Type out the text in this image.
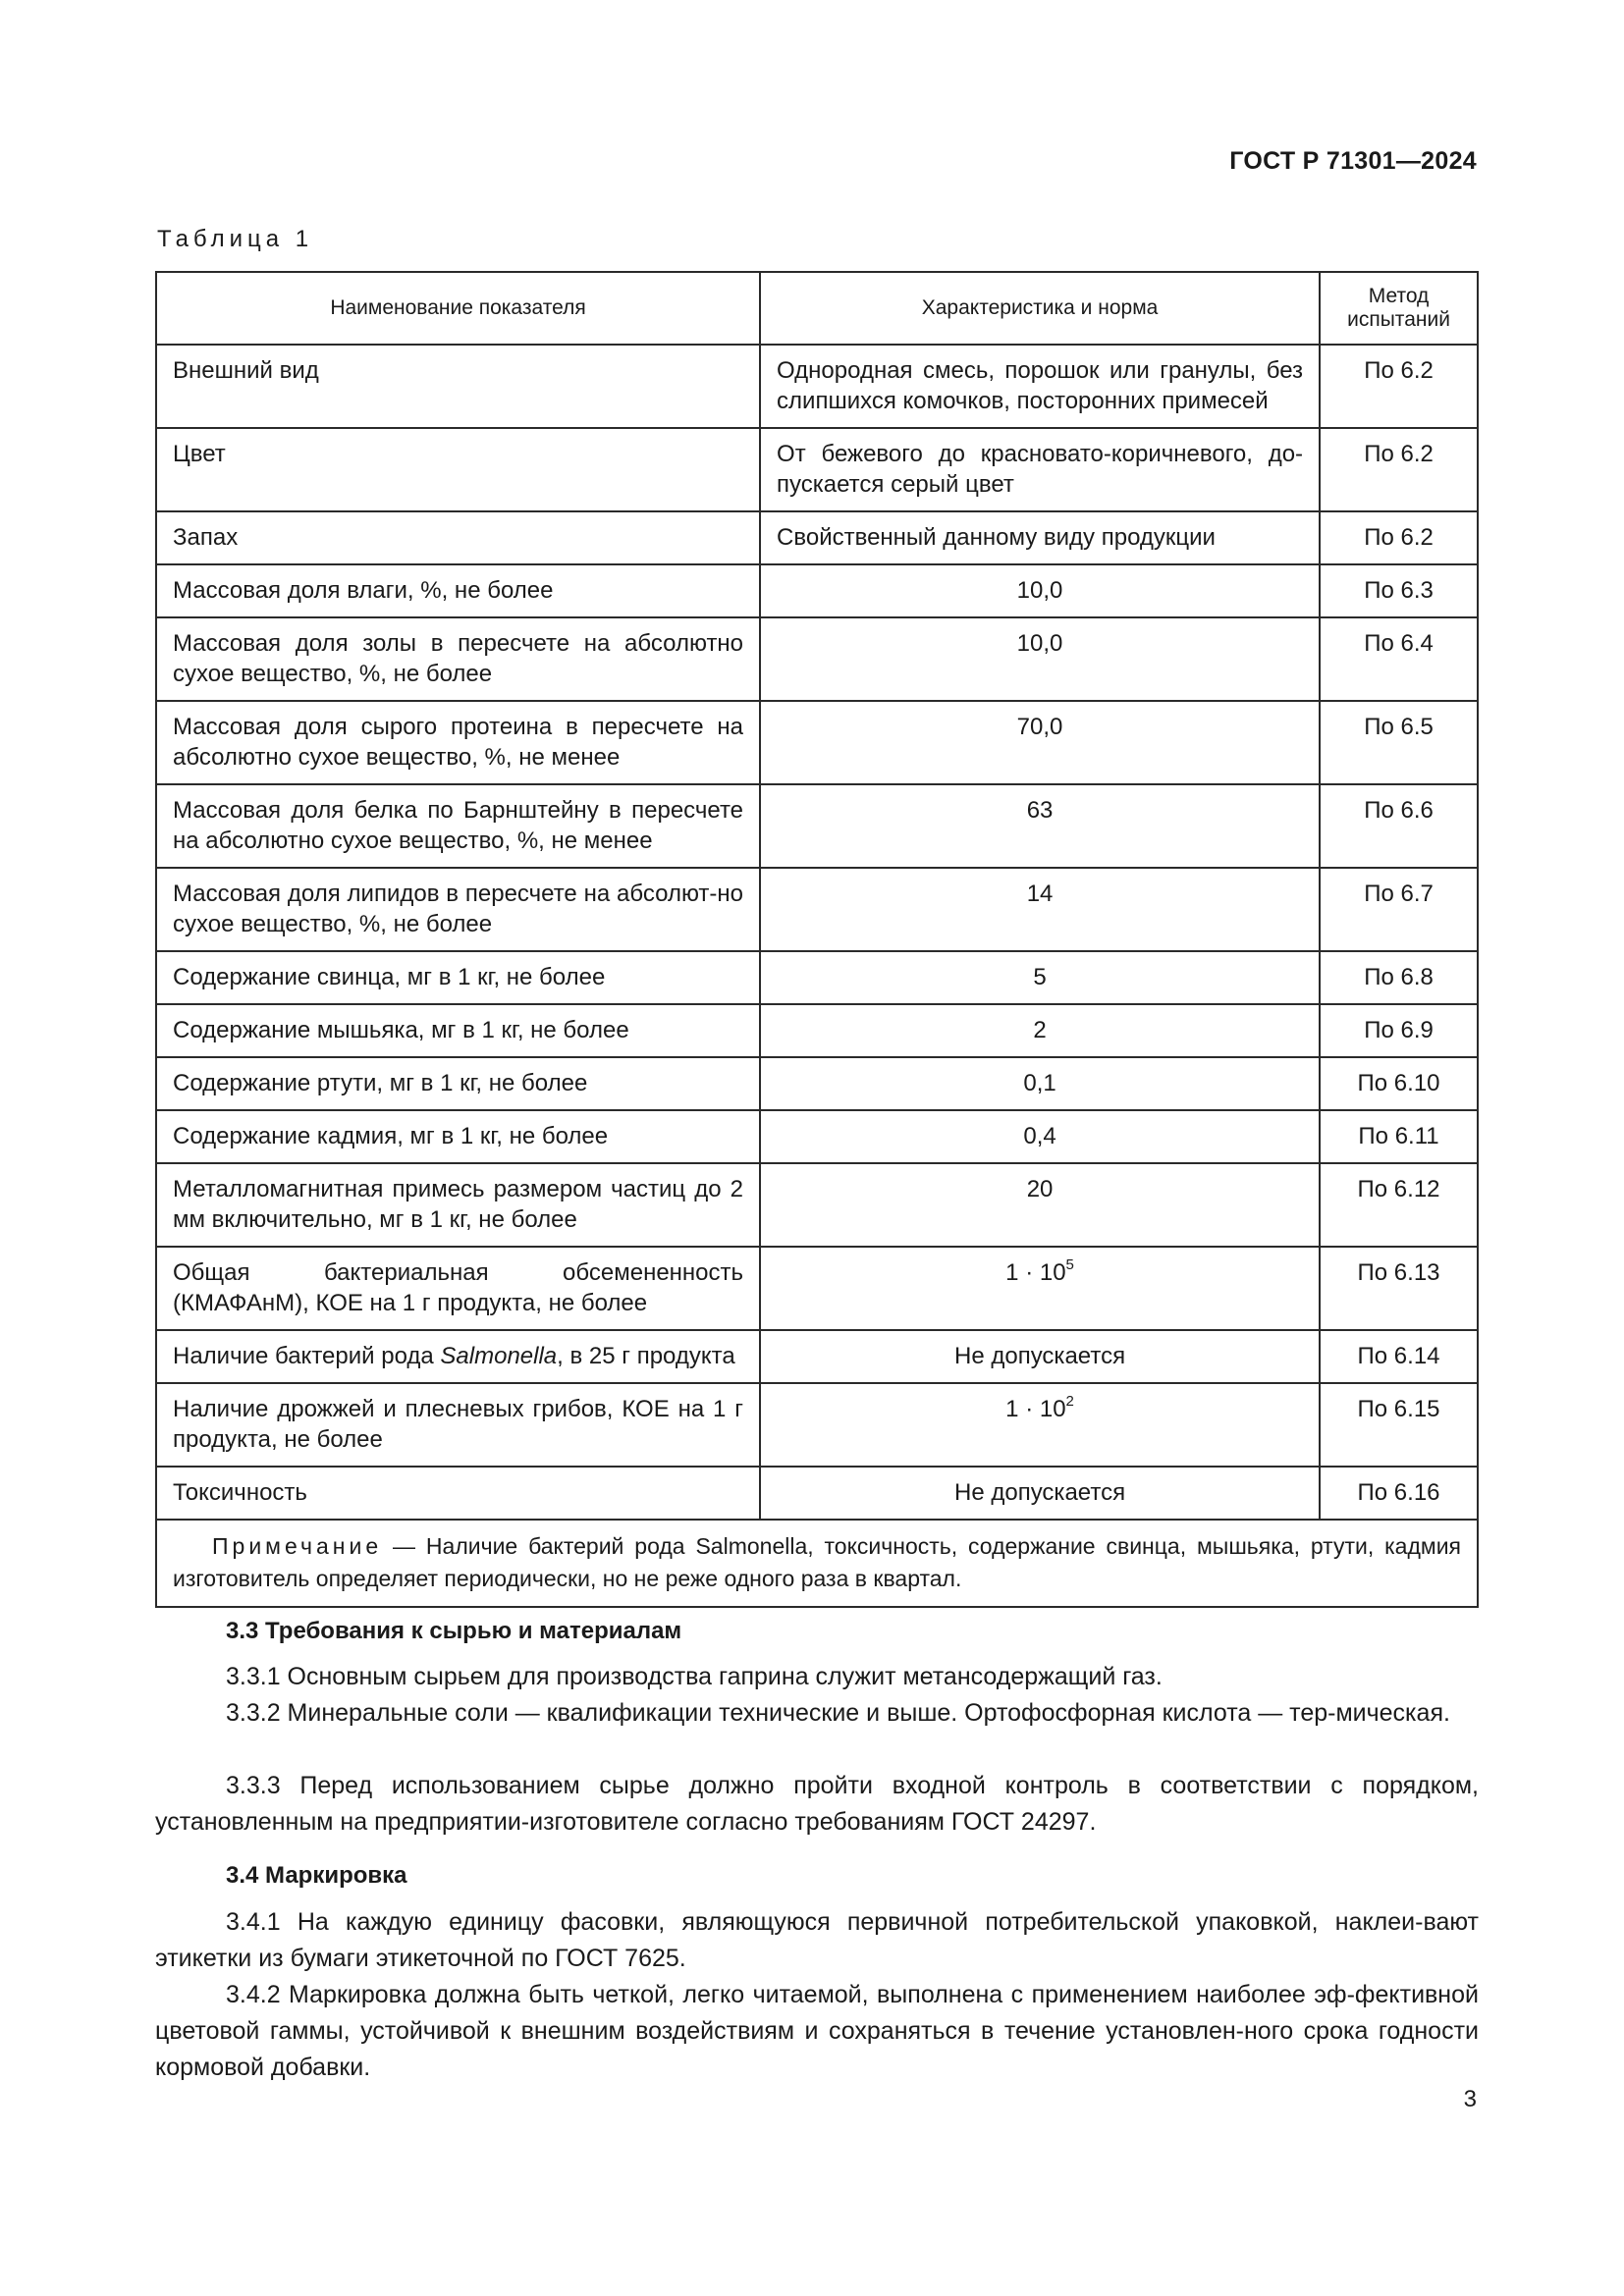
ГОСТ Р 71301—2024
Таблица 1
Наименование показателя	Характеристика и норма	Метод испытаний
Внешний вид	Однородная смесь, порошок или гранулы, без слипшихся комочков, посторонних примесей	По 6.2
Цвет	От бежевого до красновато-коричневого, до-пускается серый цвет	По 6.2
Запах	Свойственный данному виду продукции	По 6.2
Массовая доля влаги, %, не более	10,0	По 6.3
Массовая доля золы в пересчете на абсолютно сухое вещество, %, не более	10,0	По 6.4
Массовая доля сырого протеина в пересчете на абсолютно сухое вещество, %, не менее	70,0	По 6.5
Массовая доля белка по Барнштейну в пересчете на абсолютно сухое вещество, %, не менее	63	По 6.6
Массовая доля липидов в пересчете на абсолют-но сухое вещество, %, не более	14	По 6.7
Содержание свинца, мг в 1 кг, не более	5	По 6.8
Содержание мышьяка, мг в 1 кг, не более	2	По 6.9
Содержание ртути, мг в 1 кг, не более	0,1	По 6.10
Содержание кадмия, мг в 1 кг, не более	0,4	По 6.11
Металломагнитная примесь размером частиц до 2 мм включительно, мг в 1 кг, не более	20	По 6.12
Общая бактериальная обсемененность (КМАФАнМ), КОЕ на 1 г продукта, не более	$1 \cdot 10^5$	По 6.13
Наличие бактерий рода Salmonella, в 25 г продукта	Не допускается	По 6.14
Наличие дрожжей и плесневых грибов, КОЕ на 1 г продукта, не более	$1 \cdot 10^2$	По 6.15
Токсичность	Не допускается	По 6.16
Примечание — Наличие бактерий рода Salmonella, токсичность, содержание свинца, мышьяка, ртути, кадмия изготовитель определяет периодически, но не реже одного раза в квартал.		
3.3 Требования к сырью и материалам
3.3.1 Основным сырьем для производства гаприна служит метансодержащий газ.
3.3.2 Минеральные соли — квалификации технические и выше. Ортофосфорная кислота — тер-мическая.
3.3.3 Перед использованием сырье должно пройти входной контроль в соответствии с порядком, установленным на предприятии-изготовителе согласно требованиям ГОСТ 24297.
3.4 Маркировка
3.4.1 На каждую единицу фасовки, являющуюся первичной потребительской упаковкой, наклеи-вают этикетки из бумаги этикеточной по ГОСТ 7625.
3.4.2 Маркировка должна быть четкой, легко читаемой, выполнена с применением наиболее эф-фективной цветовой гаммы, устойчивой к внешним воздействиям и сохраняться в течение установлен-ного срока годности кормовой добавки.
3
